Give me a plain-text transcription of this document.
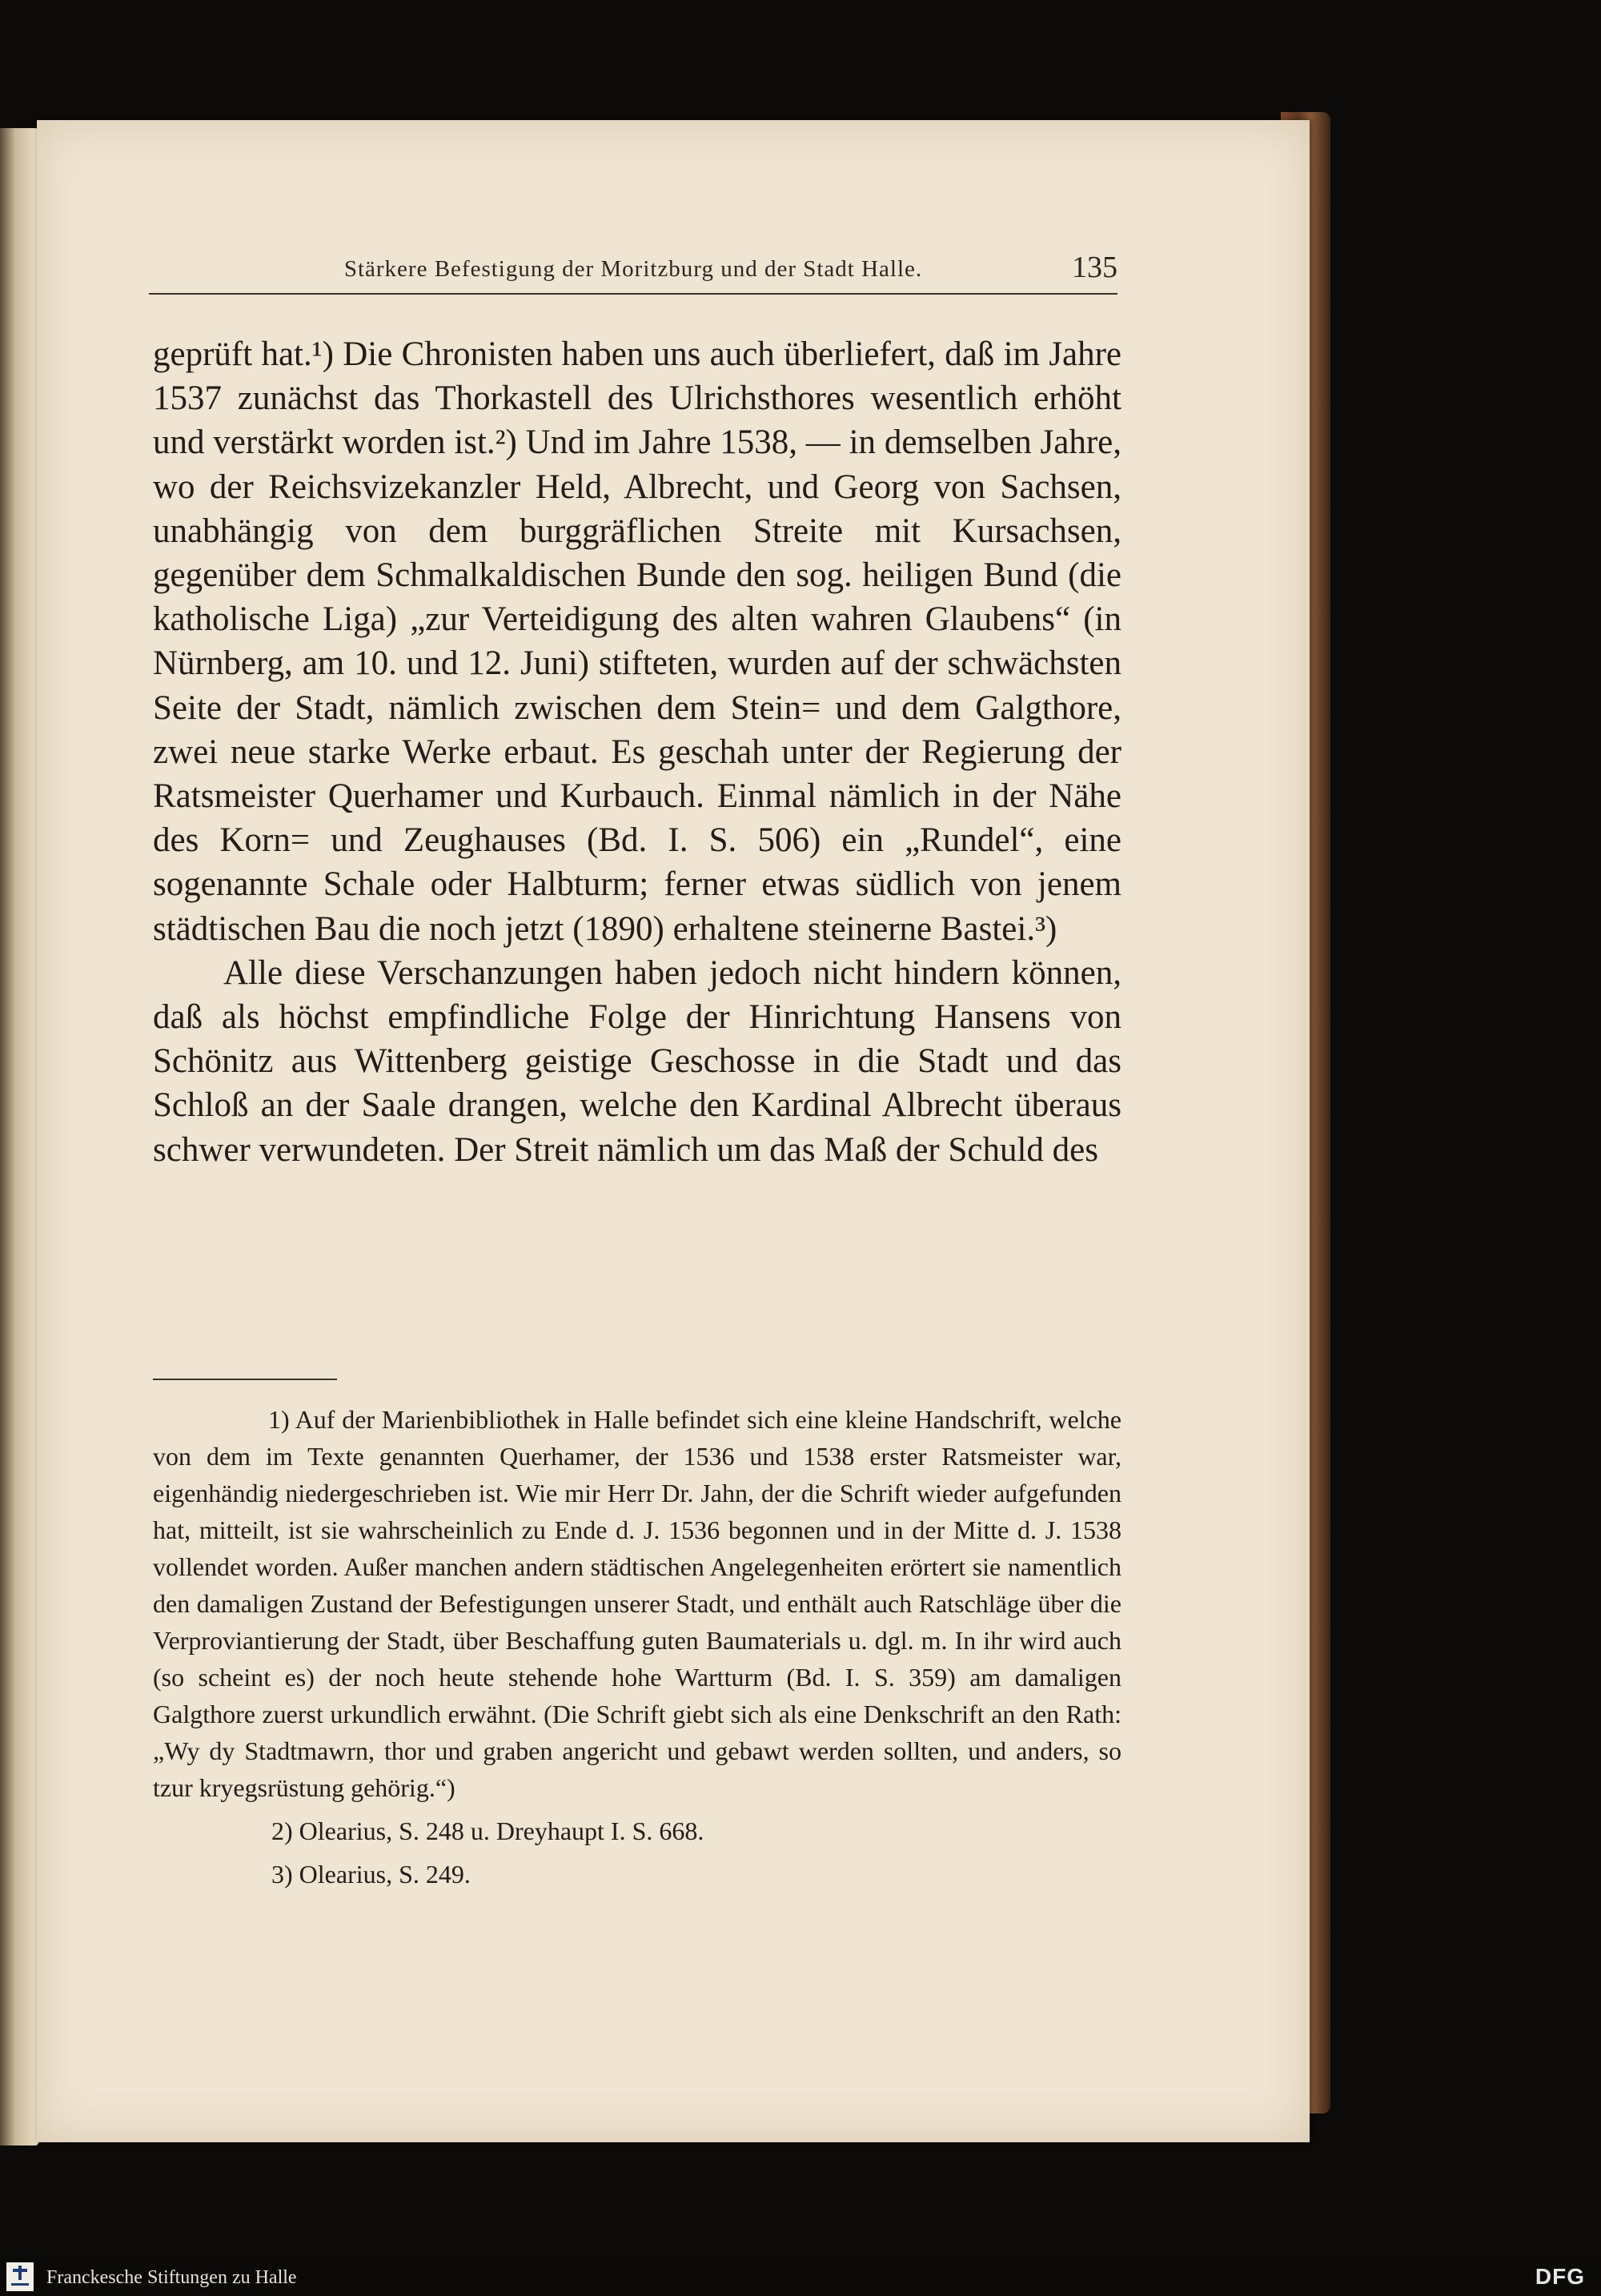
Stärkere Befestigung der Moritzburg und der Stadt Halle.	135

geprüft hat.¹) Die Chronisten haben uns auch überliefert, daß im Jahre 1537 zunächst das Thorkastell des Ulrichsthores wesentlich erhöht und verstärkt worden ist.²) Und im Jahre 1538, — in demselben Jahre, wo der Reichsvizekanzler Held, Albrecht, und Georg von Sachsen, unabhängig von dem burggräflichen Streite mit Kursachsen, gegenüber dem Schmalkaldischen Bunde den sog. heiligen Bund (die katholische Liga) „zur Verteidigung des alten wahren Glaubens“ (in Nürnberg, am 10. und 12. Juni) stifteten, wurden auf der schwächsten Seite der Stadt, nämlich zwischen dem Stein= und dem Galgthore, zwei neue starke Werke erbaut. Es geschah unter der Regierung der Ratsmeister Querhamer und Kurbauch. Einmal nämlich in der Nähe des Korn= und Zeughauses (Bd. I. S. 506) ein „Rundel“, eine sogenannte Schale oder Halbturm; ferner etwas südlich von jenem städtischen Bau die noch jetzt (1890) erhaltene steinerne Bastei.³)

Alle diese Verschanzungen haben jedoch nicht hindern können, daß als höchst empfindliche Folge der Hinrichtung Hansens von Schönitz aus Wittenberg geistige Geschosse in die Stadt und das Schloß an der Saale drangen, welche den Kardinal Albrecht überaus schwer verwundeten. Der Streit nämlich um das Maß der Schuld des

1) Auf der Marienbibliothek in Halle befindet sich eine kleine Handschrift, welche von dem im Texte genannten Querhamer, der 1536 und 1538 erster Ratsmeister war, eigenhändig niedergeschrieben ist. Wie mir Herr Dr. Jahn, der die Schrift wieder aufgefunden hat, mitteilt, ist sie wahrscheinlich zu Ende d. J. 1536 begonnen und in der Mitte d. J. 1538 vollendet worden. Außer manchen andern städtischen Angelegenheiten erörtert sie namentlich den damaligen Zustand der Befestigungen unserer Stadt, und enthält auch Ratschläge über die Verproviantierung der Stadt, über Beschaffung guten Baumaterials u. dgl. m. In ihr wird auch (so scheint es) der noch heute stehende hohe Wartturm (Bd. I. S. 359) am damaligen Galgthore zuerst urkundlich erwähnt. (Die Schrift giebt sich als eine Denkschrift an den Rath: „Wy dy Stadtmawrn, thor und graben angericht und gebawt werden sollten, und anders, so tzur kryegsrüstung gehörig.“)

2) Olearius, S. 248 u. Dreyhaupt I. S. 668.

3) Olearius, S. 249.

Franckesche Stiftungen zu Halle	DFG
